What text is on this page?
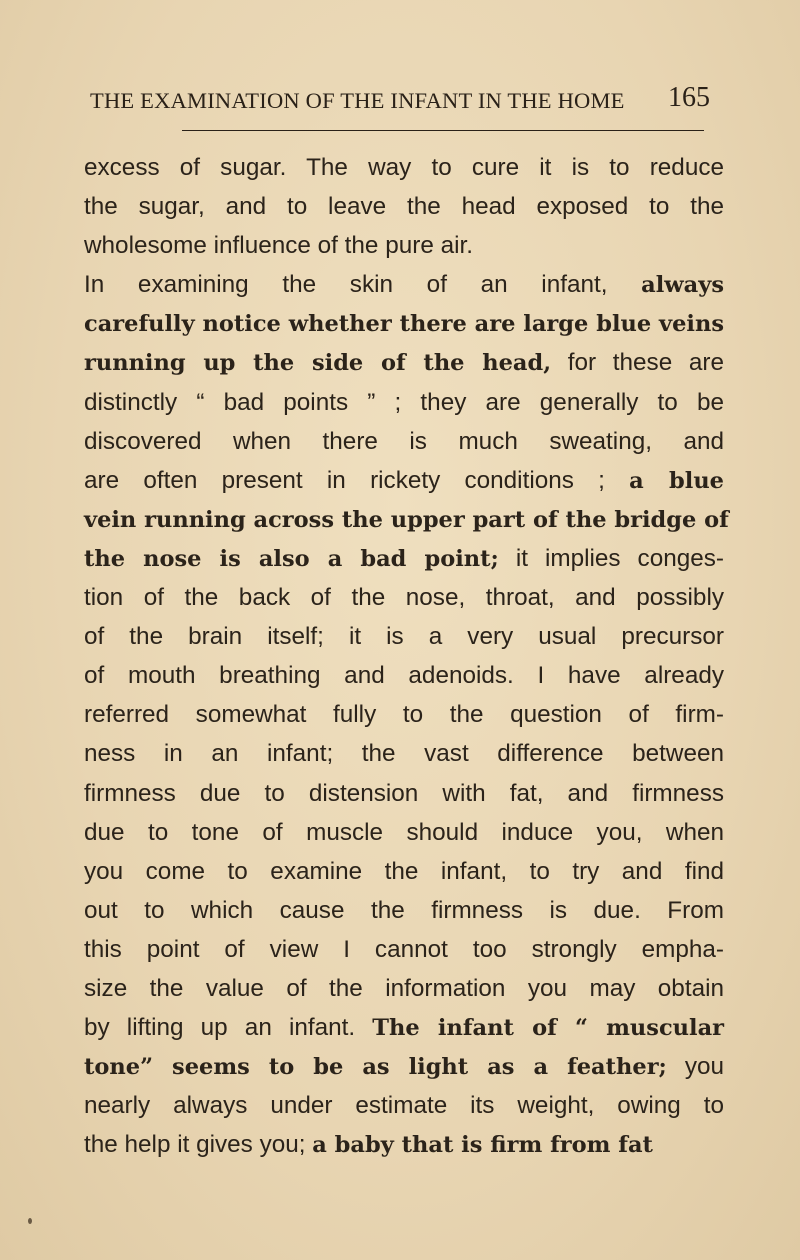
THE EXAMINATION OF THE INFANT IN THE HOME 165
excess of sugar. The way to cure it is to reduce
the sugar, and to leave the head exposed to the
wholesome influence of the pure air.
In examining the skin of an infant, always
carefully notice whether there are large blue veins
running up the side of the head, for these are
distinctly “ bad points ” ; they are generally to be
discovered when there is much sweating, and
are often present in rickety conditions ; a blue
vein running across the upper part of the bridge of
the nose is also a bad point; it implies conges-
tion of the back of the nose, throat, and possibly
of the brain itself; it is a very usual precursor
of mouth breathing and adenoids. I have already
referred somewhat fully to the question of firm-
ness in an infant; the vast difference between
firmness due to distension with fat, and firmness
due to tone of muscle should induce you, when
you come to examine the infant, to try and find
out to which cause the firmness is due. From
this point of view I cannot too strongly empha-
size the value of the information you may obtain
by lifting up an infant. The infant of “ muscular
tone” seems to be as light as a feather; you
nearly always under estimate its weight, owing to
the help it gives you; a baby that is firm from fat
